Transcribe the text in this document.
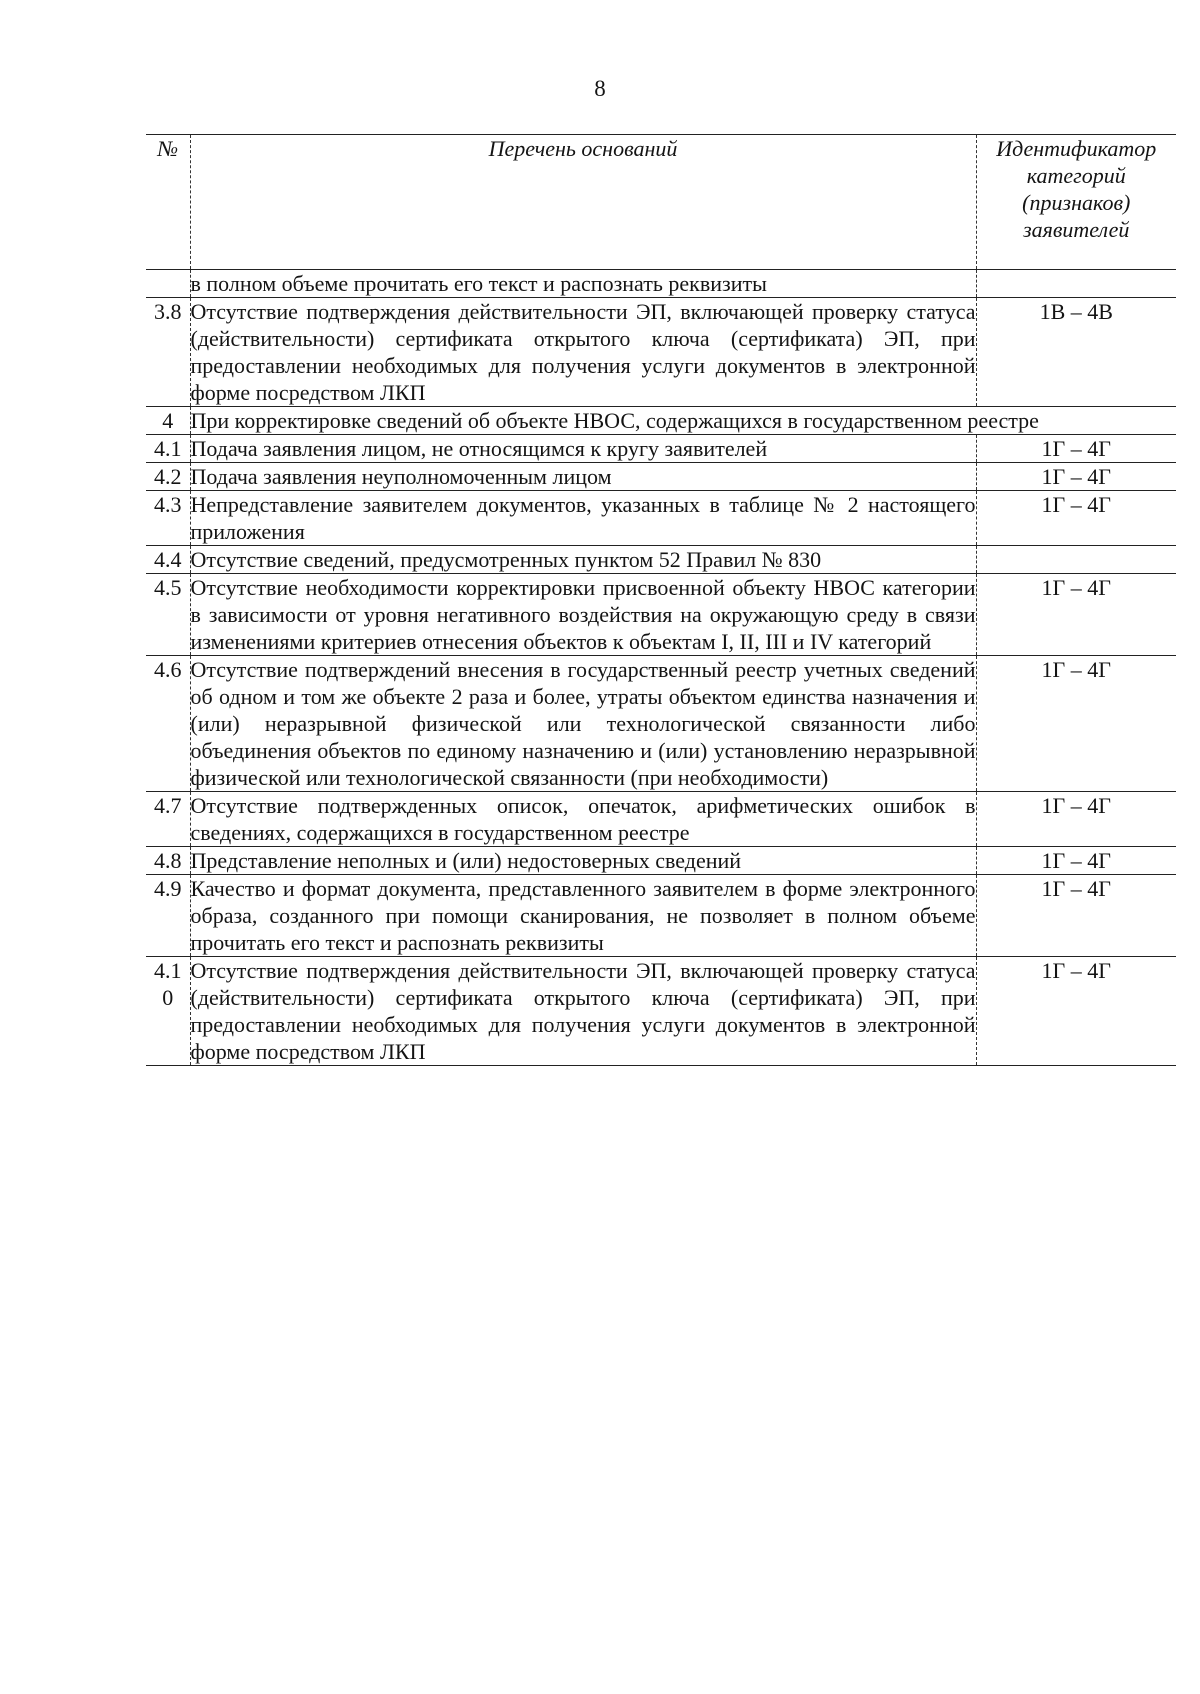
8
№	Перечень оснований	Идентификатор категорий (признаков) заявителей
	в полном объеме прочитать его текст и распознать реквизиты	
3.8	Отсутствие подтверждения действительности ЭП, включающей проверку статуса (действительности) сертификата открытого ключа (сертификата) ЭП, при предоставлении необходимых для получения услуги документов в электронной форме посредством ЛКП	1В – 4В
4	При корректировке сведений об объекте НВОС, содержащихся в государственном реестре	
4.1	Подача заявления лицом, не относящимся к кругу заявителей	1Г – 4Г
4.2	Подача заявления неуполномоченным лицом	1Г – 4Г
4.3	Непредставление заявителем документов, указанных в таблице № 2 настоящего приложения	1Г – 4Г
4.4	Отсутствие сведений, предусмотренных пунктом 52 Правил № 830	
4.5	Отсутствие необходимости корректировки присвоенной объекту НВОС категории в зависимости от уровня негативного воздействия на окружающую среду в связи изменениями критериев отнесения объектов к объектам I, II, III и IV категорий	1Г – 4Г
4.6	Отсутствие подтверждений внесения в государственный реестр учетных сведений об одном и том же объекте 2 раза и более, утраты объектом единства назначения и (или) неразрывной физической или технологической связанности либо объединения объектов по единому назначению и (или) установлению неразрывной физической или технологической связанности (при необходимости)	1Г – 4Г
4.7	Отсутствие подтвержденных описок, опечаток, арифметических ошибок в сведениях, содержащихся в государственном реестре	1Г – 4Г
4.8	Представление неполных и (или) недостоверных сведений	1Г – 4Г
4.9	Качество и формат документа, представленного заявителем в форме электронного образа, созданного при помощи сканирования, не позволяет в полном объеме прочитать его текст и распознать реквизиты	1Г – 4Г
4.1 0	Отсутствие подтверждения действительности ЭП, включающей проверку статуса (действительности) сертификата открытого ключа (сертификата) ЭП, при предоставлении необходимых для получения услуги документов в электронной форме посредством ЛКП	1Г – 4Г
